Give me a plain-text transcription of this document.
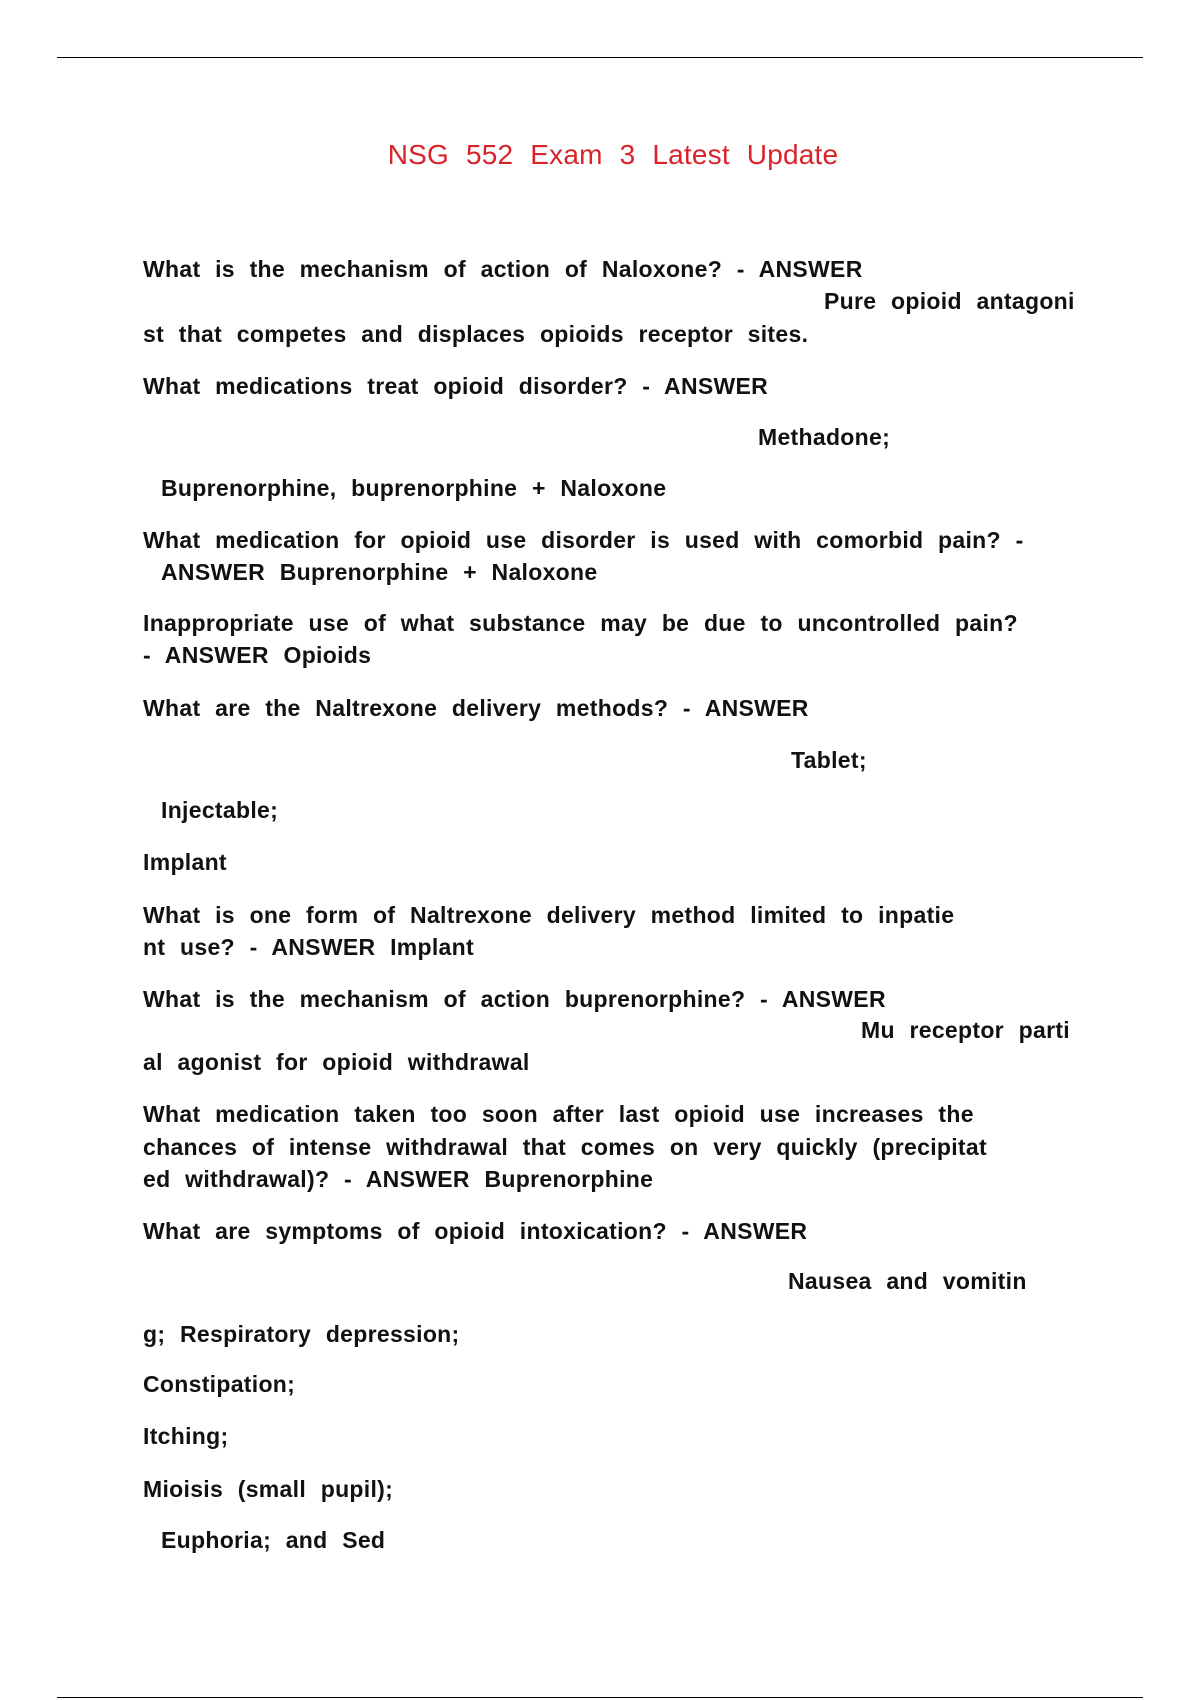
NSG 552 Exam 3 Latest Update
What is the mechanism of action of Naloxone? - ANSWER
Pure opioid antagoni
st that competes and displaces opioids receptor sites.
What medications treat opioid disorder? - ANSWER
Methadone;
Buprenorphine, buprenorphine + Naloxone
What medication for opioid use disorder is used with comorbid pain? -
ANSWER Buprenorphine + Naloxone
Inappropriate use of what substance may be due to uncontrolled pain?
- ANSWER Opioids
What are the Naltrexone delivery methods? - ANSWER
Tablet;
Injectable;
Implant
What is one form of Naltrexone delivery method limited to inpatie
nt use? - ANSWER Implant
What is the mechanism of action buprenorphine? - ANSWER
Mu receptor parti
al agonist for opioid withdrawal
What medication taken too soon after last opioid use increases the
chances of intense withdrawal that comes on very quickly (precipitat
ed withdrawal)? - ANSWER Buprenorphine
What are symptoms of opioid intoxication? - ANSWER
Nausea and vomitin
g; Respiratory depression;
Constipation;
Itching;
Mioisis (small pupil);
Euphoria; and Sed
